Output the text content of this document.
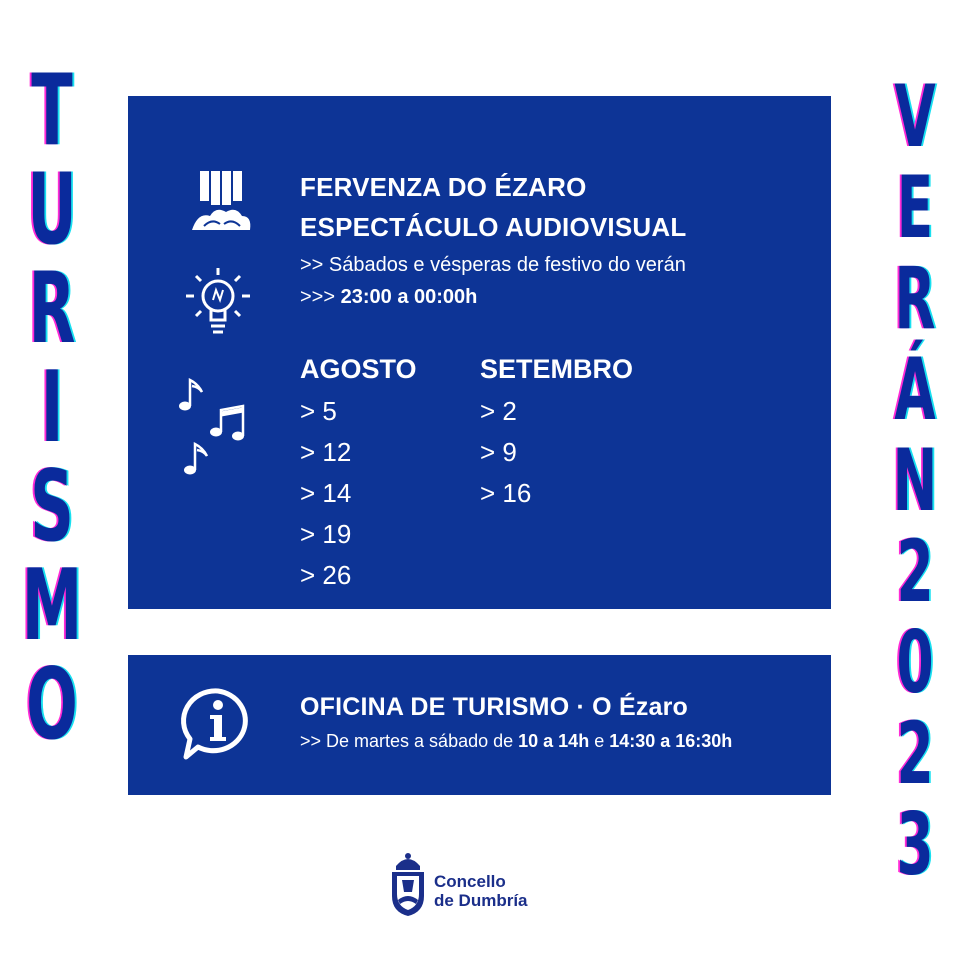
T
U
R
I
S
M
O
V
E
R
Á
N
2
0
2
3
FERVENZA DO ÉZARO
ESPECTÁCULO AUDIOVISUAL
>> Sábados e vésperas de festivo do verán
>>> 23:00 a 00:00h
AGOSTO
> 5
> 12
> 14
> 19
> 26
SETEMBRO
> 2
> 9
> 16
OFICINA DE TURISMO · O Ézaro
>> De martes a sábado de 10 a 14h e 14:30 a 16:30h
Concello
de Dumbría
